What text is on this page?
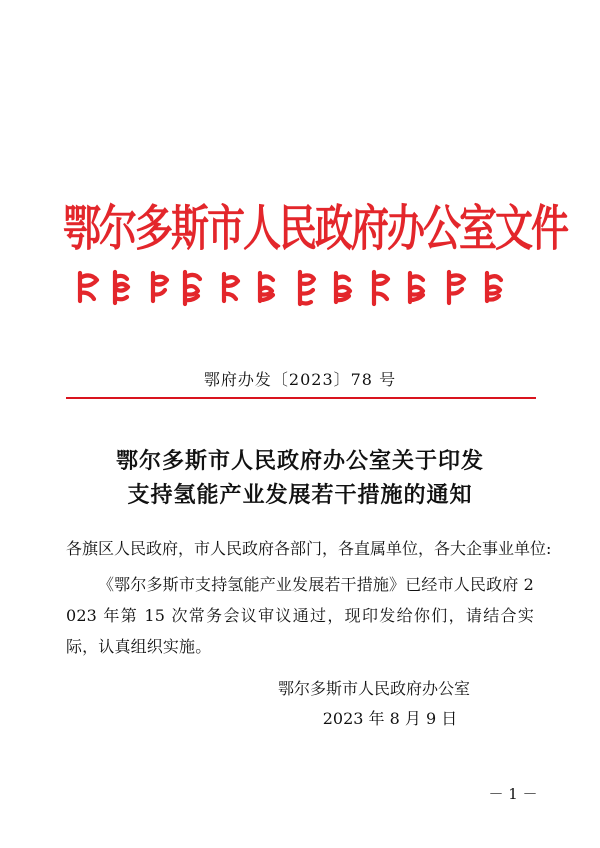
鄂尔多斯市人民政府办公室文件
鄂府办发〔2023〕78 号
鄂尔多斯市人民政府办公室关于印发
支持氢能产业发展若干措施的通知
各旗区人民政府，市人民政府各部门，各直属单位，各大企事业单位:
《鄂尔多斯市支持氢能产业发展若干措施》已经市人民政府 2023 年第 15 次常务会议审议通过，现印发给你们，请结合实际，认真组织实施。
鄂尔多斯市人民政府办公室
2023 年 8 月 9 日
－ 1 －
